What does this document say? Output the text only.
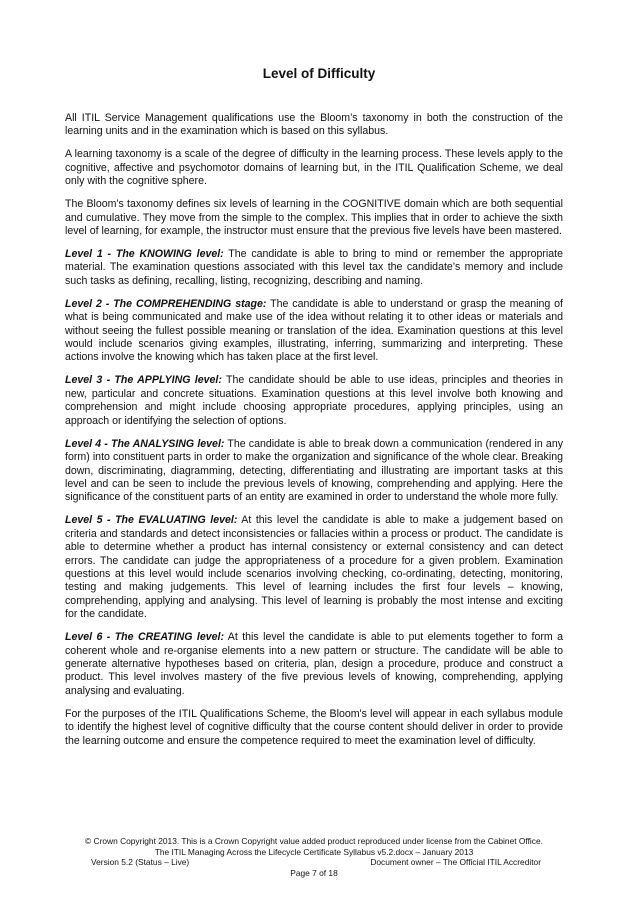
Level of Difficulty

All ITIL Service Management qualifications use the Bloom’s taxonomy in both the construction of the learning units and in the examination which is based on this syllabus.

A learning taxonomy is a scale of the degree of difficulty in the learning process. These levels apply to the cognitive, affective and psychomotor domains of learning but, in the ITIL Qualification Scheme, we deal only with the cognitive sphere.

The Bloom's taxonomy defines six levels of learning in the COGNITIVE domain which are both sequential and cumulative. They move from the simple to the complex. This implies that in order to achieve the sixth level of learning, for example, the instructor must ensure that the previous five levels have been mastered.

Level 1 - The KNOWING level: The candidate is able to bring to mind or remember the appropriate material. The examination questions associated with this level tax the candidate’s memory and include such tasks as defining, recalling, listing, recognizing, describing and naming.

Level 2 - The COMPREHENDING stage: The candidate is able to understand or grasp the meaning of what is being communicated and make use of the idea without relating it to other ideas or materials and without seeing the fullest possible meaning or translation of the idea. Examination questions at this level would include scenarios giving examples, illustrating, inferring, summarizing and interpreting. These actions involve the knowing which has taken place at the first level.

Level 3 - The APPLYING level: The candidate should be able to use ideas, principles and theories in new, particular and concrete situations. Examination questions at this level involve both knowing and comprehension and might include choosing appropriate procedures, applying principles, using an approach or identifying the selection of options.

Level 4 - The ANALYSING level: The candidate is able to break down a communication (rendered in any form) into constituent parts in order to make the organization and significance of the whole clear. Breaking down, discriminating, diagramming, detecting, differentiating and illustrating are important tasks at this level and can be seen to include the previous levels of knowing, comprehending and applying. Here the significance of the constituent parts of an entity are examined in order to understand the whole more fully.

Level 5 - The EVALUATING level: At this level the candidate is able to make a judgement based on criteria and standards and detect inconsistencies or fallacies within a process or product. The candidate is able to determine whether a product has internal consistency or external consistency and can detect errors. The candidate can judge the appropriateness of a procedure for a given problem. Examination questions at this level would include scenarios involving checking, co-ordinating, detecting, monitoring, testing and making judgements. This level of learning includes the first four levels – knowing, comprehending, applying and analysing. This level of learning is probably the most intense and exciting for the candidate.

Level 6 - The CREATING level: At this level the candidate is able to put elements together to form a coherent whole and re-organise elements into a new pattern or structure. The candidate will be able to generate alternative hypotheses based on criteria, plan, design a procedure, produce and construct a product. This level involves mastery of the five previous levels of knowing, comprehending, applying analysing and evaluating.

For the purposes of the ITIL Qualifications Scheme, the Bloom's level will appear in each syllabus module to identify the highest level of cognitive difficulty that the course content should deliver in order to provide the learning outcome and ensure the competence required to meet the examination level of difficulty.

© Crown Copyright 2013. This is a Crown Copyright value added product reproduced under license from the Cabinet Office.
The ITIL Managing Across the Lifecycle Certificate Syllabus v5.2.docx – January 2013
Version 5.2 (Status – Live)	Document owner – The Official ITIL Accreditor
Page 7 of 18
